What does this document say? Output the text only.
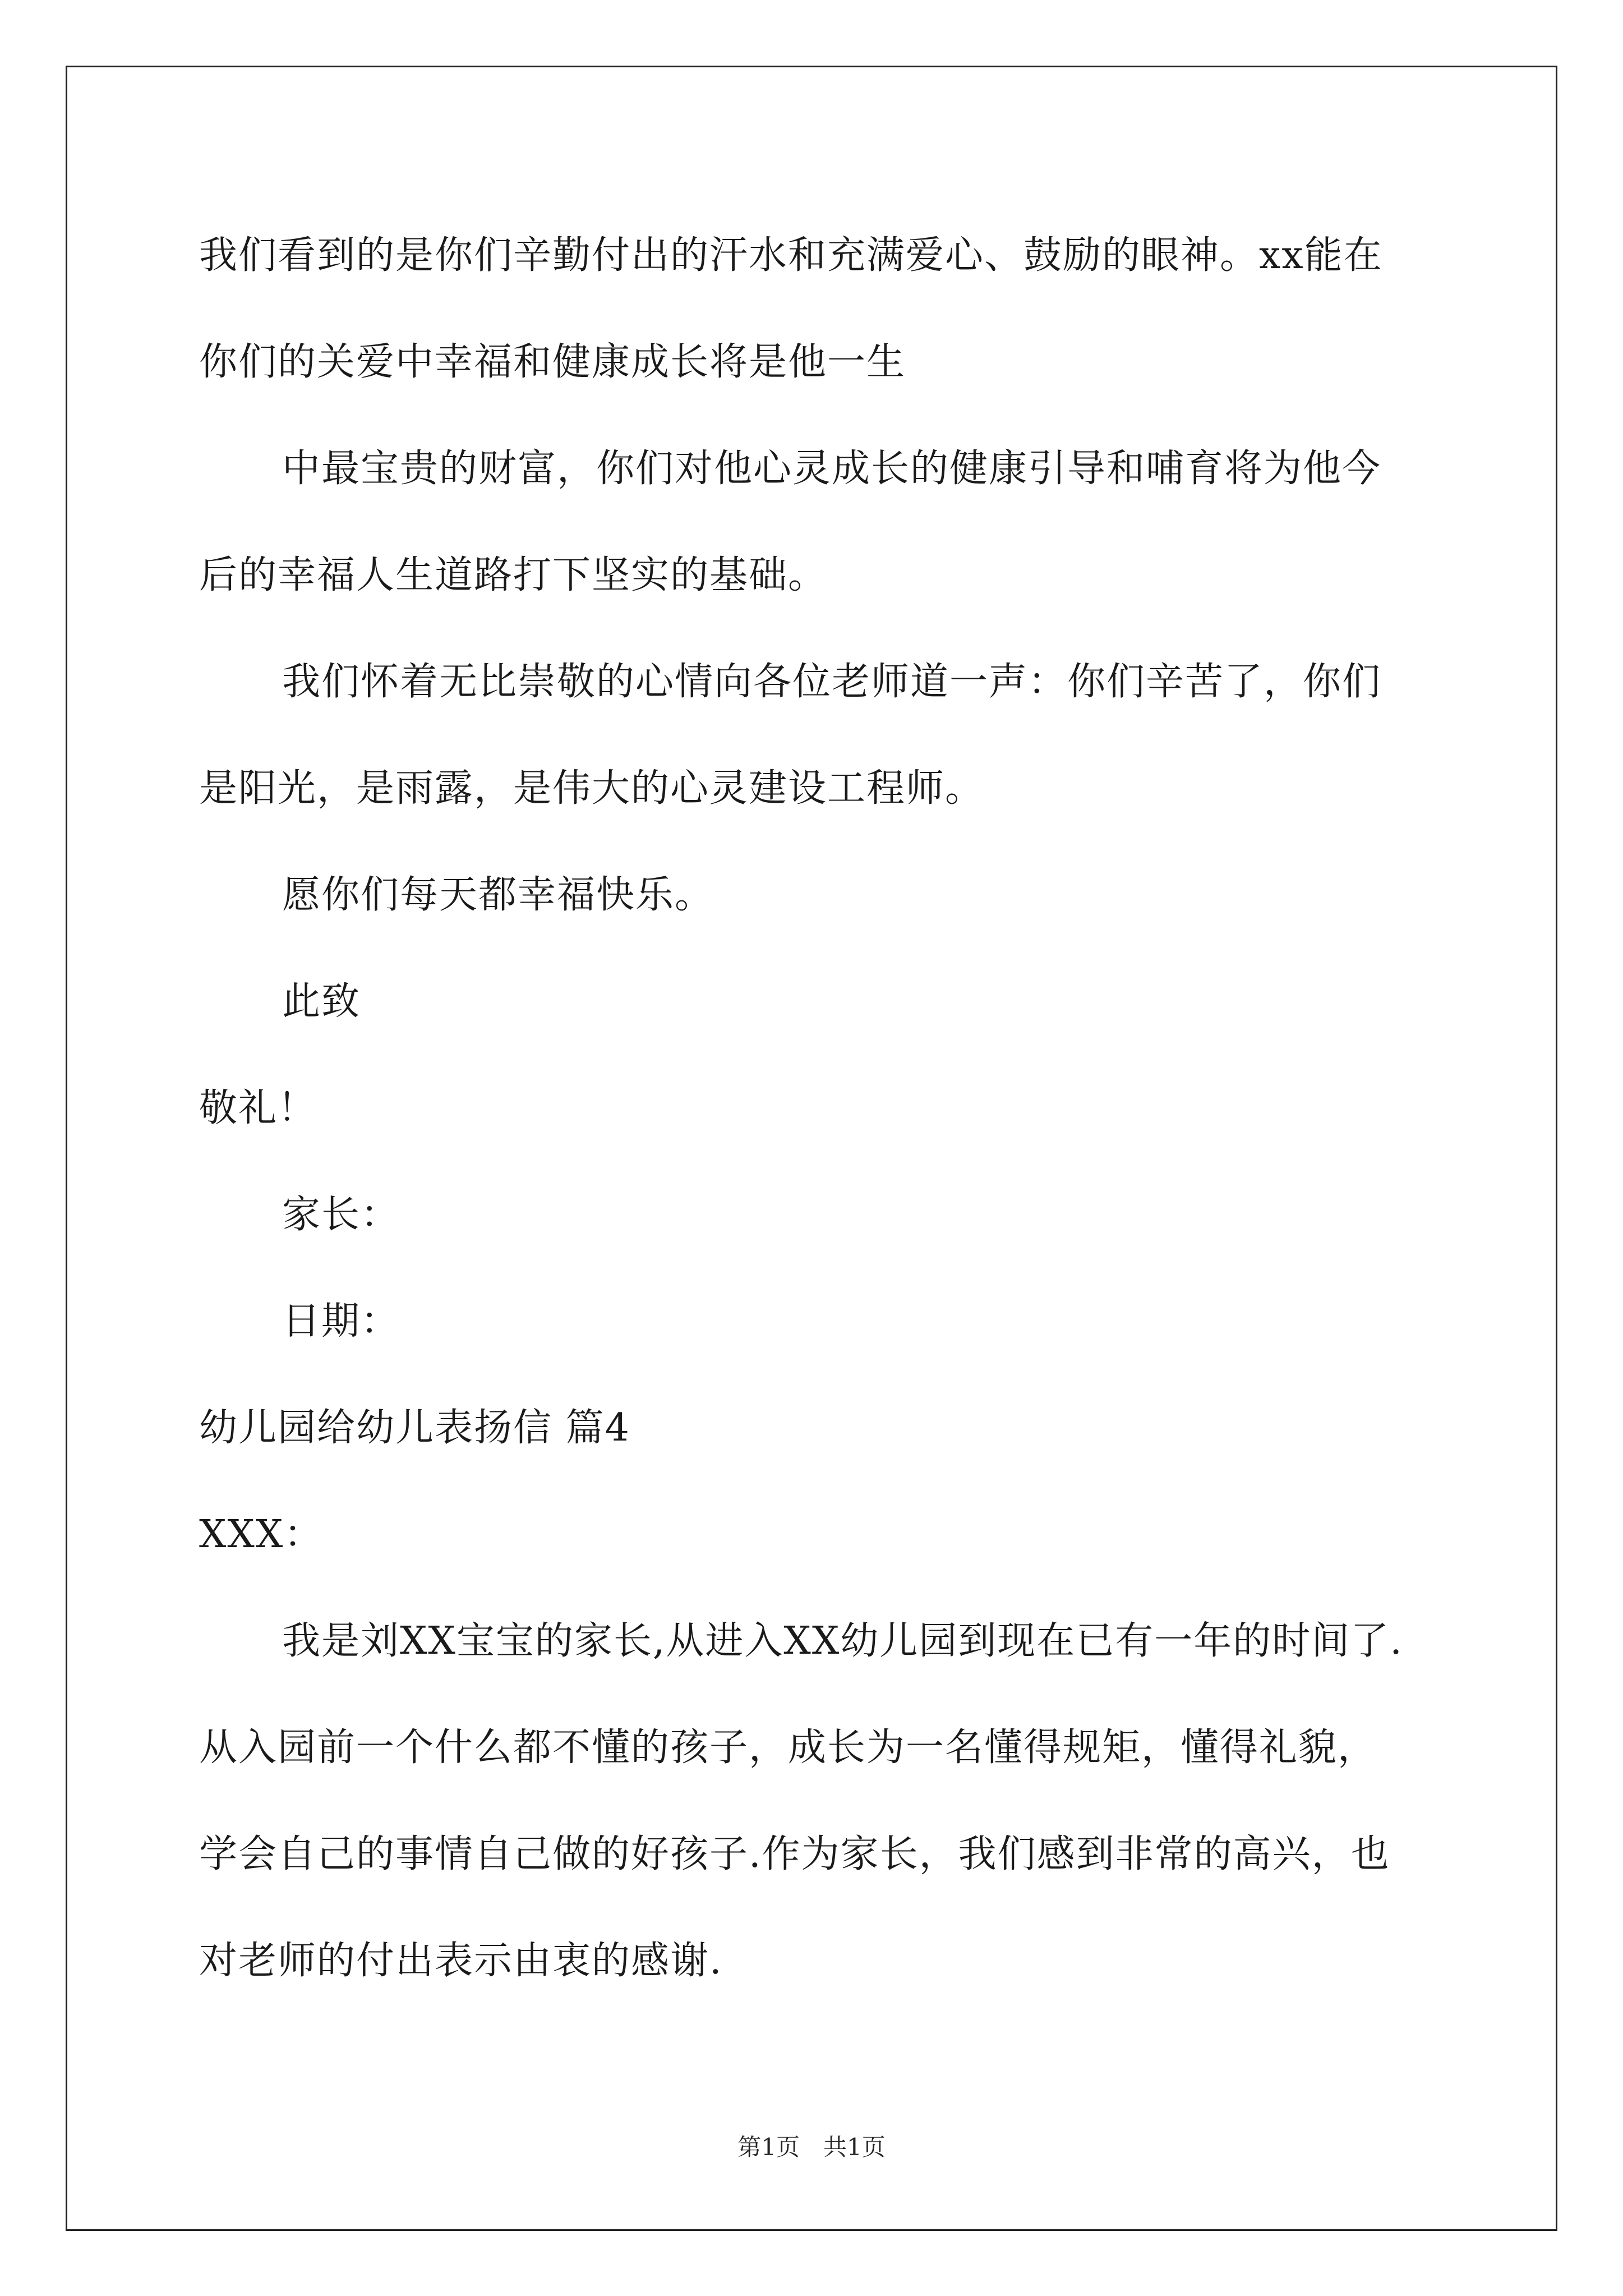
我们看到的是你们辛勤付出的汗水和充满爱心、鼓励的眼神。xx能在
你们的关爱中幸福和健康成长将是他一生
中最宝贵的财富，你们对他心灵成长的健康引导和哺育将为他今
后的幸福人生道路打下坚实的基础。
我们怀着无比崇敬的心情向各位老师道一声：你们辛苦了，你们
是阳光，是雨露，是伟大的心灵建设工程师。
愿你们每天都幸福快乐。
此致
敬礼！
家长：
日期：
幼儿园给幼儿表扬信 篇4
XXX：
我是刘XX宝宝的家长,从进入XX幼儿园到现在已有一年的时间了.
从入园前一个什么都不懂的孩子，成长为一名懂得规矩，懂得礼貌，
学会自己的事情自己做的好孩子.作为家长，我们感到非常的高兴，也
对老师的付出表示由衷的感谢.
第1页　共1页
